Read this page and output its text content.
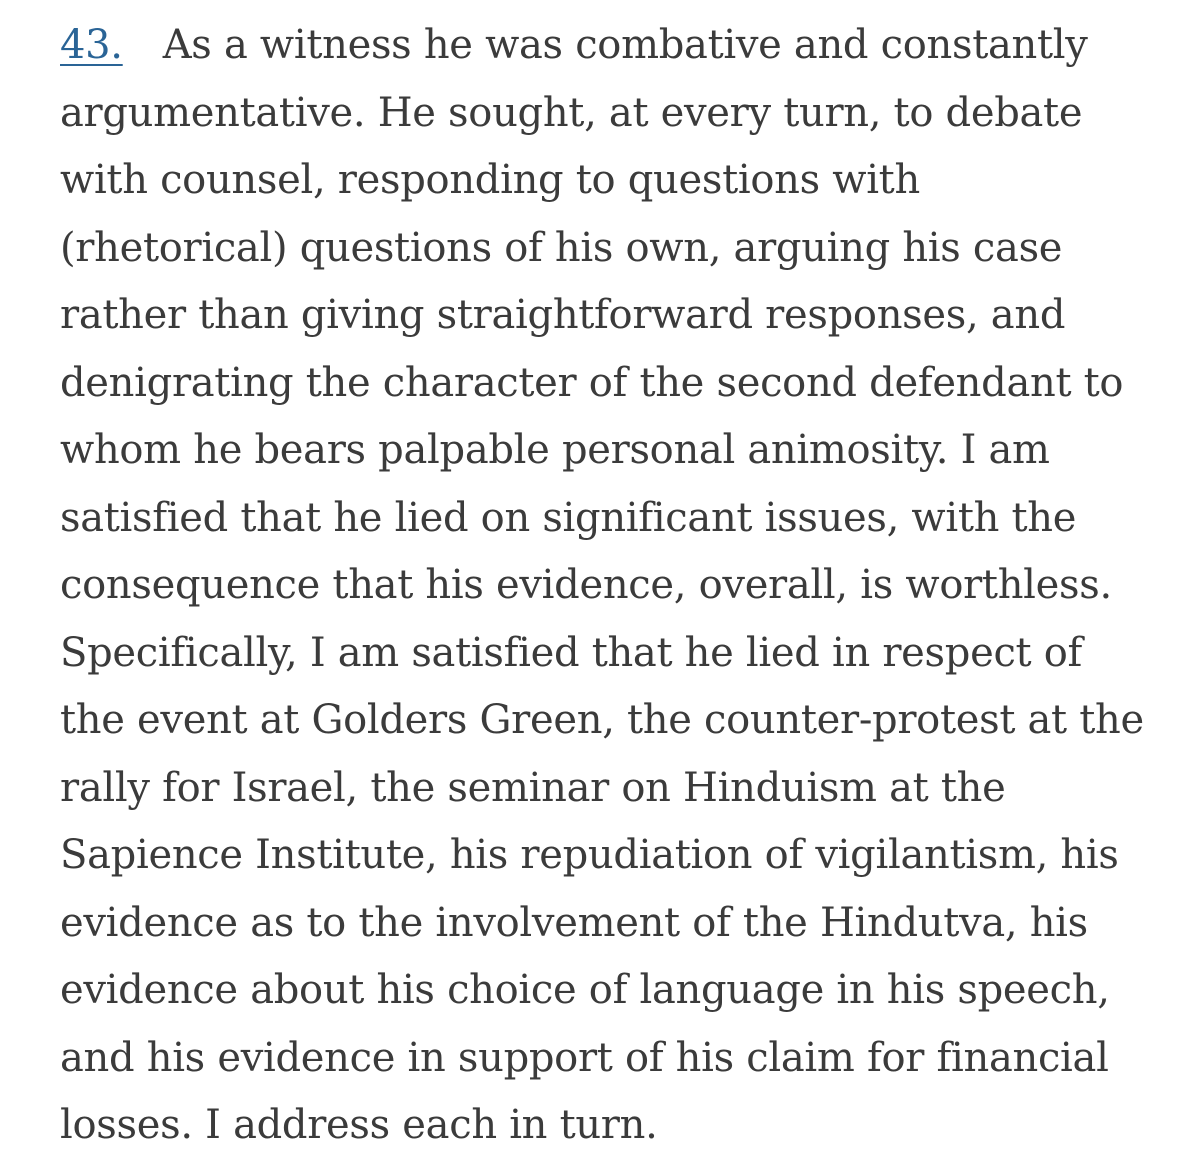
43. As a witness he was combative and constantly
argumentative. He sought, at every turn, to debate
with counsel, responding to questions with
(rhetorical) questions of his own, arguing his case
rather than giving straightforward responses, and
denigrating the character of the second defendant to
whom he bears palpable personal animosity. I am
satisfied that he lied on significant issues, with the
consequence that his evidence, overall, is worthless.
Specifically, I am satisfied that he lied in respect of
the event at Golders Green, the counter-protest at the
rally for Israel, the seminar on Hinduism at the
Sapience Institute, his repudiation of vigilantism, his
evidence as to the involvement of the Hindutva, his
evidence about his choice of language in his speech,
and his evidence in support of his claim for financial
losses. I address each in turn.
